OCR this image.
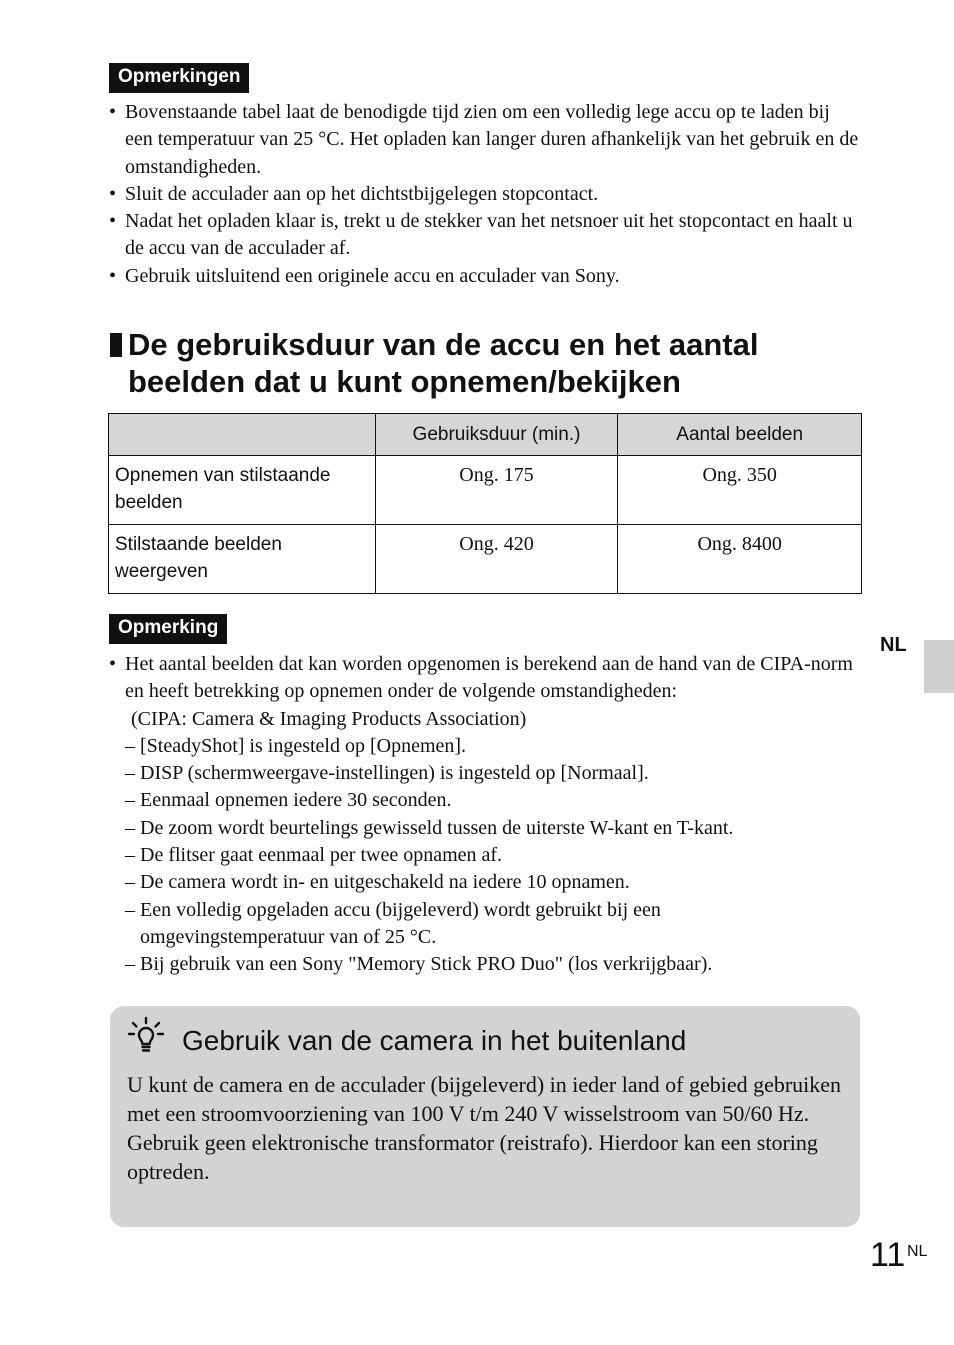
Opmerkingen
• Bovenstaande tabel laat de benodigde tijd zien om een volledig lege accu op te laden bij een temperatuur van 25 °C. Het opladen kan langer duren afhankelijk van het gebruik en de omstandigheden.
• Sluit de acculader aan op het dichtstbijgelegen stopcontact.
• Nadat het opladen klaar is, trekt u de stekker van het netsnoer uit het stopcontact en haalt u de accu van de acculader af.
• Gebruik uitsluitend een originele accu en acculader van Sony.
De gebruiksduur van de accu en het aantal
beelden dat u kunt opnemen/bekijken
	Gebruiksduur (min.)	Aantal beelden
Opnemen van stilstaande beelden	Ong. 175	Ong. 350
Stilstaande beelden weergeven	Ong. 420	Ong. 8400
Opmerking
• Het aantal beelden dat kan worden opgenomen is berekend aan de hand van de CIPA-norm en heeft betrekking op opnemen onder de volgende omstandigheden:
(CIPA: Camera & Imaging Products Association)
– [SteadyShot] is ingesteld op [Opnemen].
– DISP (schermweergave-instellingen) is ingesteld op [Normaal].
– Eenmaal opnemen iedere 30 seconden.
– De zoom wordt beurtelings gewisseld tussen de uiterste W-kant en T-kant.
– De flitser gaat eenmaal per twee opnamen af.
– De camera wordt in- en uitgeschakeld na iedere 10 opnamen.
– Een volledig opgeladen accu (bijgeleverd) wordt gebruikt bij een omgevingstemperatuur van of 25 °C.
– Bij gebruik van een Sony "Memory Stick PRO Duo" (los verkrijgbaar).
NL
Gebruik van de camera in het buitenland
U kunt de camera en de acculader (bijgeleverd) in ieder land of gebied gebruiken met een stroomvoorziening van 100 V t/m 240 V wisselstroom van 50/60 Hz.
Gebruik geen elektronische transformator (reistrafo). Hierdoor kan een storing optreden.
11 NL
